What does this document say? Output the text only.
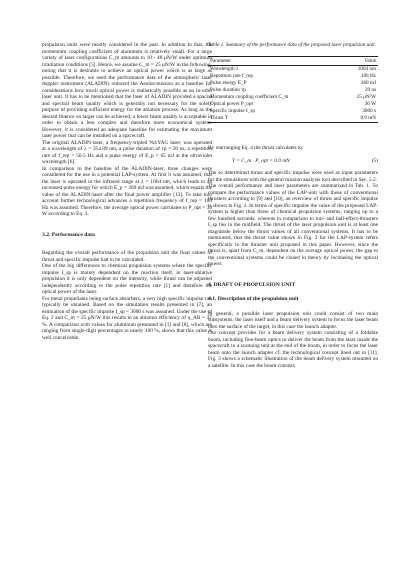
propulsion units were mostly considered in the past. In addition to that, the momentum coupling coefficient of aluminum is relatively small. For a large variety of laser configurations C_m amounts to 10 - 40 μN/W under optimum irradiation conditions [5]. Hence, we assume C_m = 25 μN/W in the following, noting that it is desirable to achieve an optical power which is as large as possible. Therefore, we used the performance data of the atmospheric laser doppler instrument (ALADIN) onboard the Aeolus-mission as a baseline for considerations how much optical power is realistically possible as an in-orbit laser unit. It has to be mentioned that the laser of ALADIN provided a spacial and spectral beam quality which is generally not necessary for the solely purpose of providing sufficient energy for the ablation process. As long as the desired fluence on target can be achieved, a lower beam quality is acceptable in order to obtain a less complex and therefore more economical system. However, it is considered an adequate baseline for estimating the maximum laser power that can be installed on a spacecraft.

The original ALADIN-laser, a frequency-tripled Nd:YAG laser, was operated at a wavelength of λ = 354.89 nm, a pulse duration of τp = 20 ns, a repetition rate of f_rep = 50.5 Hz and a pulse energy of E_p = 65 mJ at the ultraviolet wavelength [6].

In comparison to the baseline of the ALADIN-laser, three changes were considered for the use in a potential LAP-system. At first it was assumed, that the laser is operated in the infrared range at λ = 1064 nm, which leads to an increased pulse energy for which E_p = 360 mJ was assumed, which equals the value of the ALADIN-laser after the final power amplifier [13]. To take into account further technological advances a repetition frequency of f_rep = 100 Hz was assumed. Therefore, the average optical power calculates to P_opt = 36 W according to Eq. 3.

3.2. Performance data

Regarding the overall performance of the propulsion unit the final values of thrust and specific impulse had to be calculated.

One of the big differences to chemical propulsion systems where the specific impulse I_sp is mainly dependent on the reaction itself, in laser-ablative propulsion it is only dependent on the intensity, while thrust can be adjusted independently according to the pulse repetition rate [1] and therefore the optical power of the laser.

For metal propellants being surface absorbers, a very high specific impulse can typically be obtained. Based on the simulation results presented in [7], an estimation of the specific impulse I_sp = 3000 s was assumed. Under the use of Eq. 2 and C_m = 25 μN/W this results in an ablation efficiency of η_AB = 37 %. A comparison with values for aluminum presented in [1] and [8], which are ranging from single-digit percentages to nearly 100 %, shows that this value is well conceivable.

Table 1. Summary of the performance data of the proposed laser propulsion unit.

Parameter	Value
Wavelength λ	1064 nm
Repetition rate f_rep	100 Hz
Pulse energy E_P	360 mJ
Pulse duration τp	20 ns
Momentum coupling coefficient C_m	25 μN/W
Optical power P_opt	36 W
Specific impulse I_sp	3000 s
Thrust T	0.9 mN

By rearranging Eq. 4 the thrust calculates to:

T = C_m · P_opt = 0.9 mN	(5)

The so determined thrust and specific impulse were used as input parameters for the simulations with the general mission analysis tool described in Sec. 5.2.

The overall performance and laser parameters are summarized in Tab. 1. To compare the performance values of the LAP-unit with those of conventional thrusters according to [9] and [10], an overview of thrust and specific impulse is shown in Fig. 2. In terms of specific impulse the value of the proposed LAP-system is higher than those of chemical propulsion systems, ranging up to a few hundred seconds, whereas in comparison to ion- and hall-effect-thrusters I_sp lies in the midfield. The thrust of the laser propulsion unit is at least one magnitude below the thrust values of all conventional systems. It has to be mentioned, that the thrust value shown in Fig. 2 for the LAP-system refers specifically to the thruster unit proposed in this paper. However, since the thrust is, apart from C_m, dependent on the average optical power, the gap to the conventional systems could be closed in theory by increasing the optical power.

4. DRAFT OF PROPULSION UNIT

4.1. Description of the propulsion unit

In general, a possible laser propulsion unit could consist of two main subsystems, the laser itself and a beam delivery system to focus the laser beam onto the surface of the target, in this case the launch adapter.

Our concept provides for a beam delivery system consisting of a foldable boom, including fine-beam optics to deliver the beam from the laser inside the spacecraft to a scanning unit at the end of the boom, in order to focus the laser beam onto the launch adapter cf. the technological concept lined out in [11]. Fig. 3 shows a schematic illustration of the beam delivery system mounted on a satellite. In this case the boom consists
